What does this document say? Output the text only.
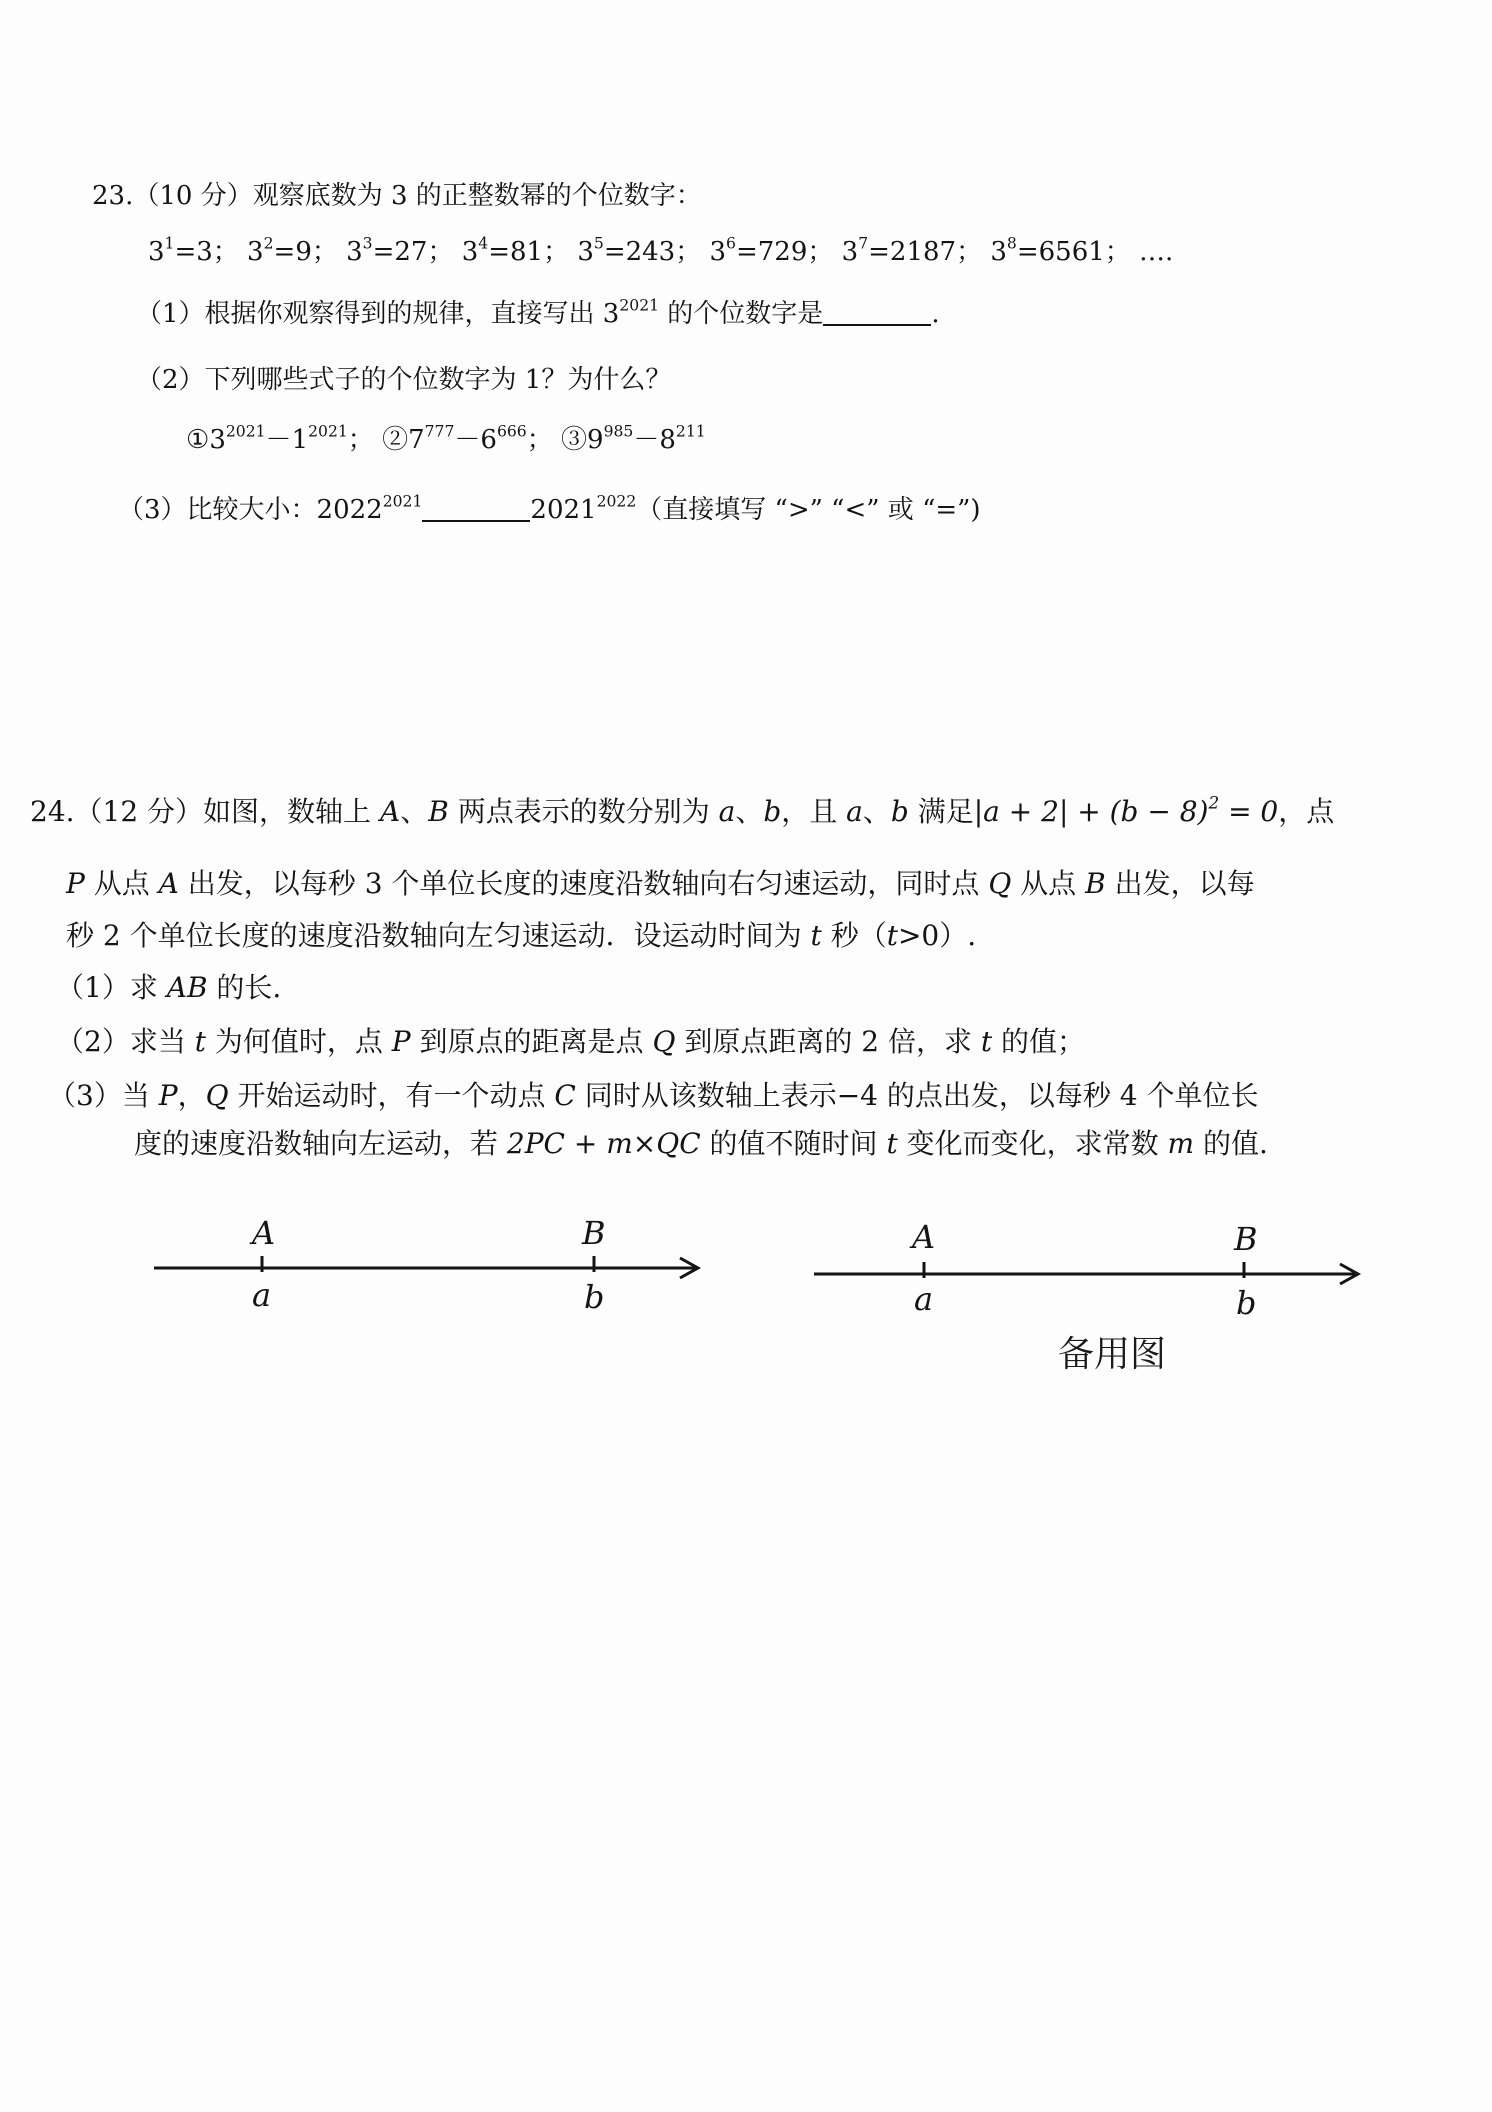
23.（10 分）观察底数为 3 的正整数幂的个位数字：
$3^1=3$； $3^2=9$； $3^3=27$； $3^4=81$； $3^5=243$； $3^6=729$； $3^7=2187$； $3^8=6561$； ….
（1）根据你观察得到的规律，直接写出 $3^{2021}$ 的个位数字是	.
（2）下列哪些式子的个位数字为 1？为什么？
$①3^{2021}-1^{2021}$； $②7^{777}-6^{666}$； $③9^{985}-8^{211}$
（3）比较大小：$2022^{2021}$	$2021^{2022}$（直接填写 “>” “<” 或 “=”)
24.（12 分）如图，数轴上 A、B 两点表示的数分别为 a、b，且 a、b 满足$|a + 2| + (b - 8)^2 = 0$，点
P 从点 A 出发，以每秒 3 个单位长度的速度沿数轴向右匀速运动，同时点 Q 从点 B 出发，以每
秒 2 个单位长度的速度沿数轴向左匀速运动．设运动时间为 t 秒（t>0）.
（1）求 AB 的长.
（2）求当 t 为何值时，点 P 到原点的距离是点 Q 到原点距离的 2 倍，求 t 的值；
（3）当 P，Q 开始运动时，有一个动点 C 同时从该数轴上表示−4 的点出发，以每秒 4 个单位长
度的速度沿数轴向左运动，若 2PC + m×QC 的值不随时间 t 变化而变化，求常数 m 的值.
A
a
B
b
A
a
B
b
备用图
